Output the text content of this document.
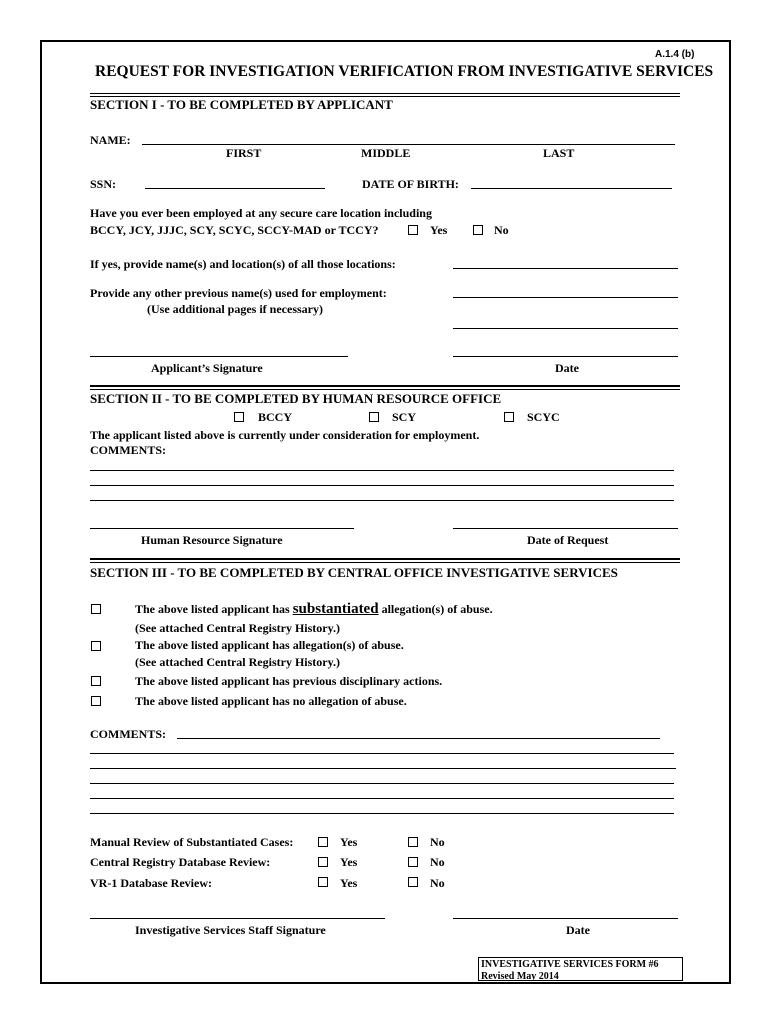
A.1.4 (b)
REQUEST FOR INVESTIGATION VERIFICATION FROM INVESTIGATIVE SERVICES
SECTION I - TO BE COMPLETED BY APPLICANT
NAME:
FIRST	MIDDLE	LAST
SSN:	DATE OF BIRTH:
Have you ever been employed at any secure care location including
BCCY, JCY, JJJC, SCY, SCYC, SCCY-MAD or TCCY?	Yes	No
If yes, provide name(s) and location(s) of all those locations:
Provide any other previous name(s) used for employment:
(Use additional pages if necessary)
Applicant’s Signature	Date
SECTION II - TO BE COMPLETED BY HUMAN RESOURCE OFFICE
BCCY	SCY	SCYC
The applicant listed above is currently under consideration for employment.
COMMENTS:
Human Resource Signature	Date of Request
SECTION III - TO BE COMPLETED BY CENTRAL OFFICE INVESTIGATIVE SERVICES
The above listed applicant has substantiated allegation(s) of abuse.
(See attached Central Registry History.)
The above listed applicant has allegation(s) of abuse.
(See attached Central Registry History.)
The above listed applicant has previous disciplinary actions.
The above listed applicant has no allegation of abuse.
COMMENTS:
Manual Review of Substantiated Cases:	Yes	No
Central Registry Database Review:	Yes	No
VR-1 Database Review:	Yes	No
Investigative Services Staff Signature	Date
INVESTIGATIVE SERVICES FORM #6
Revised May 2014
